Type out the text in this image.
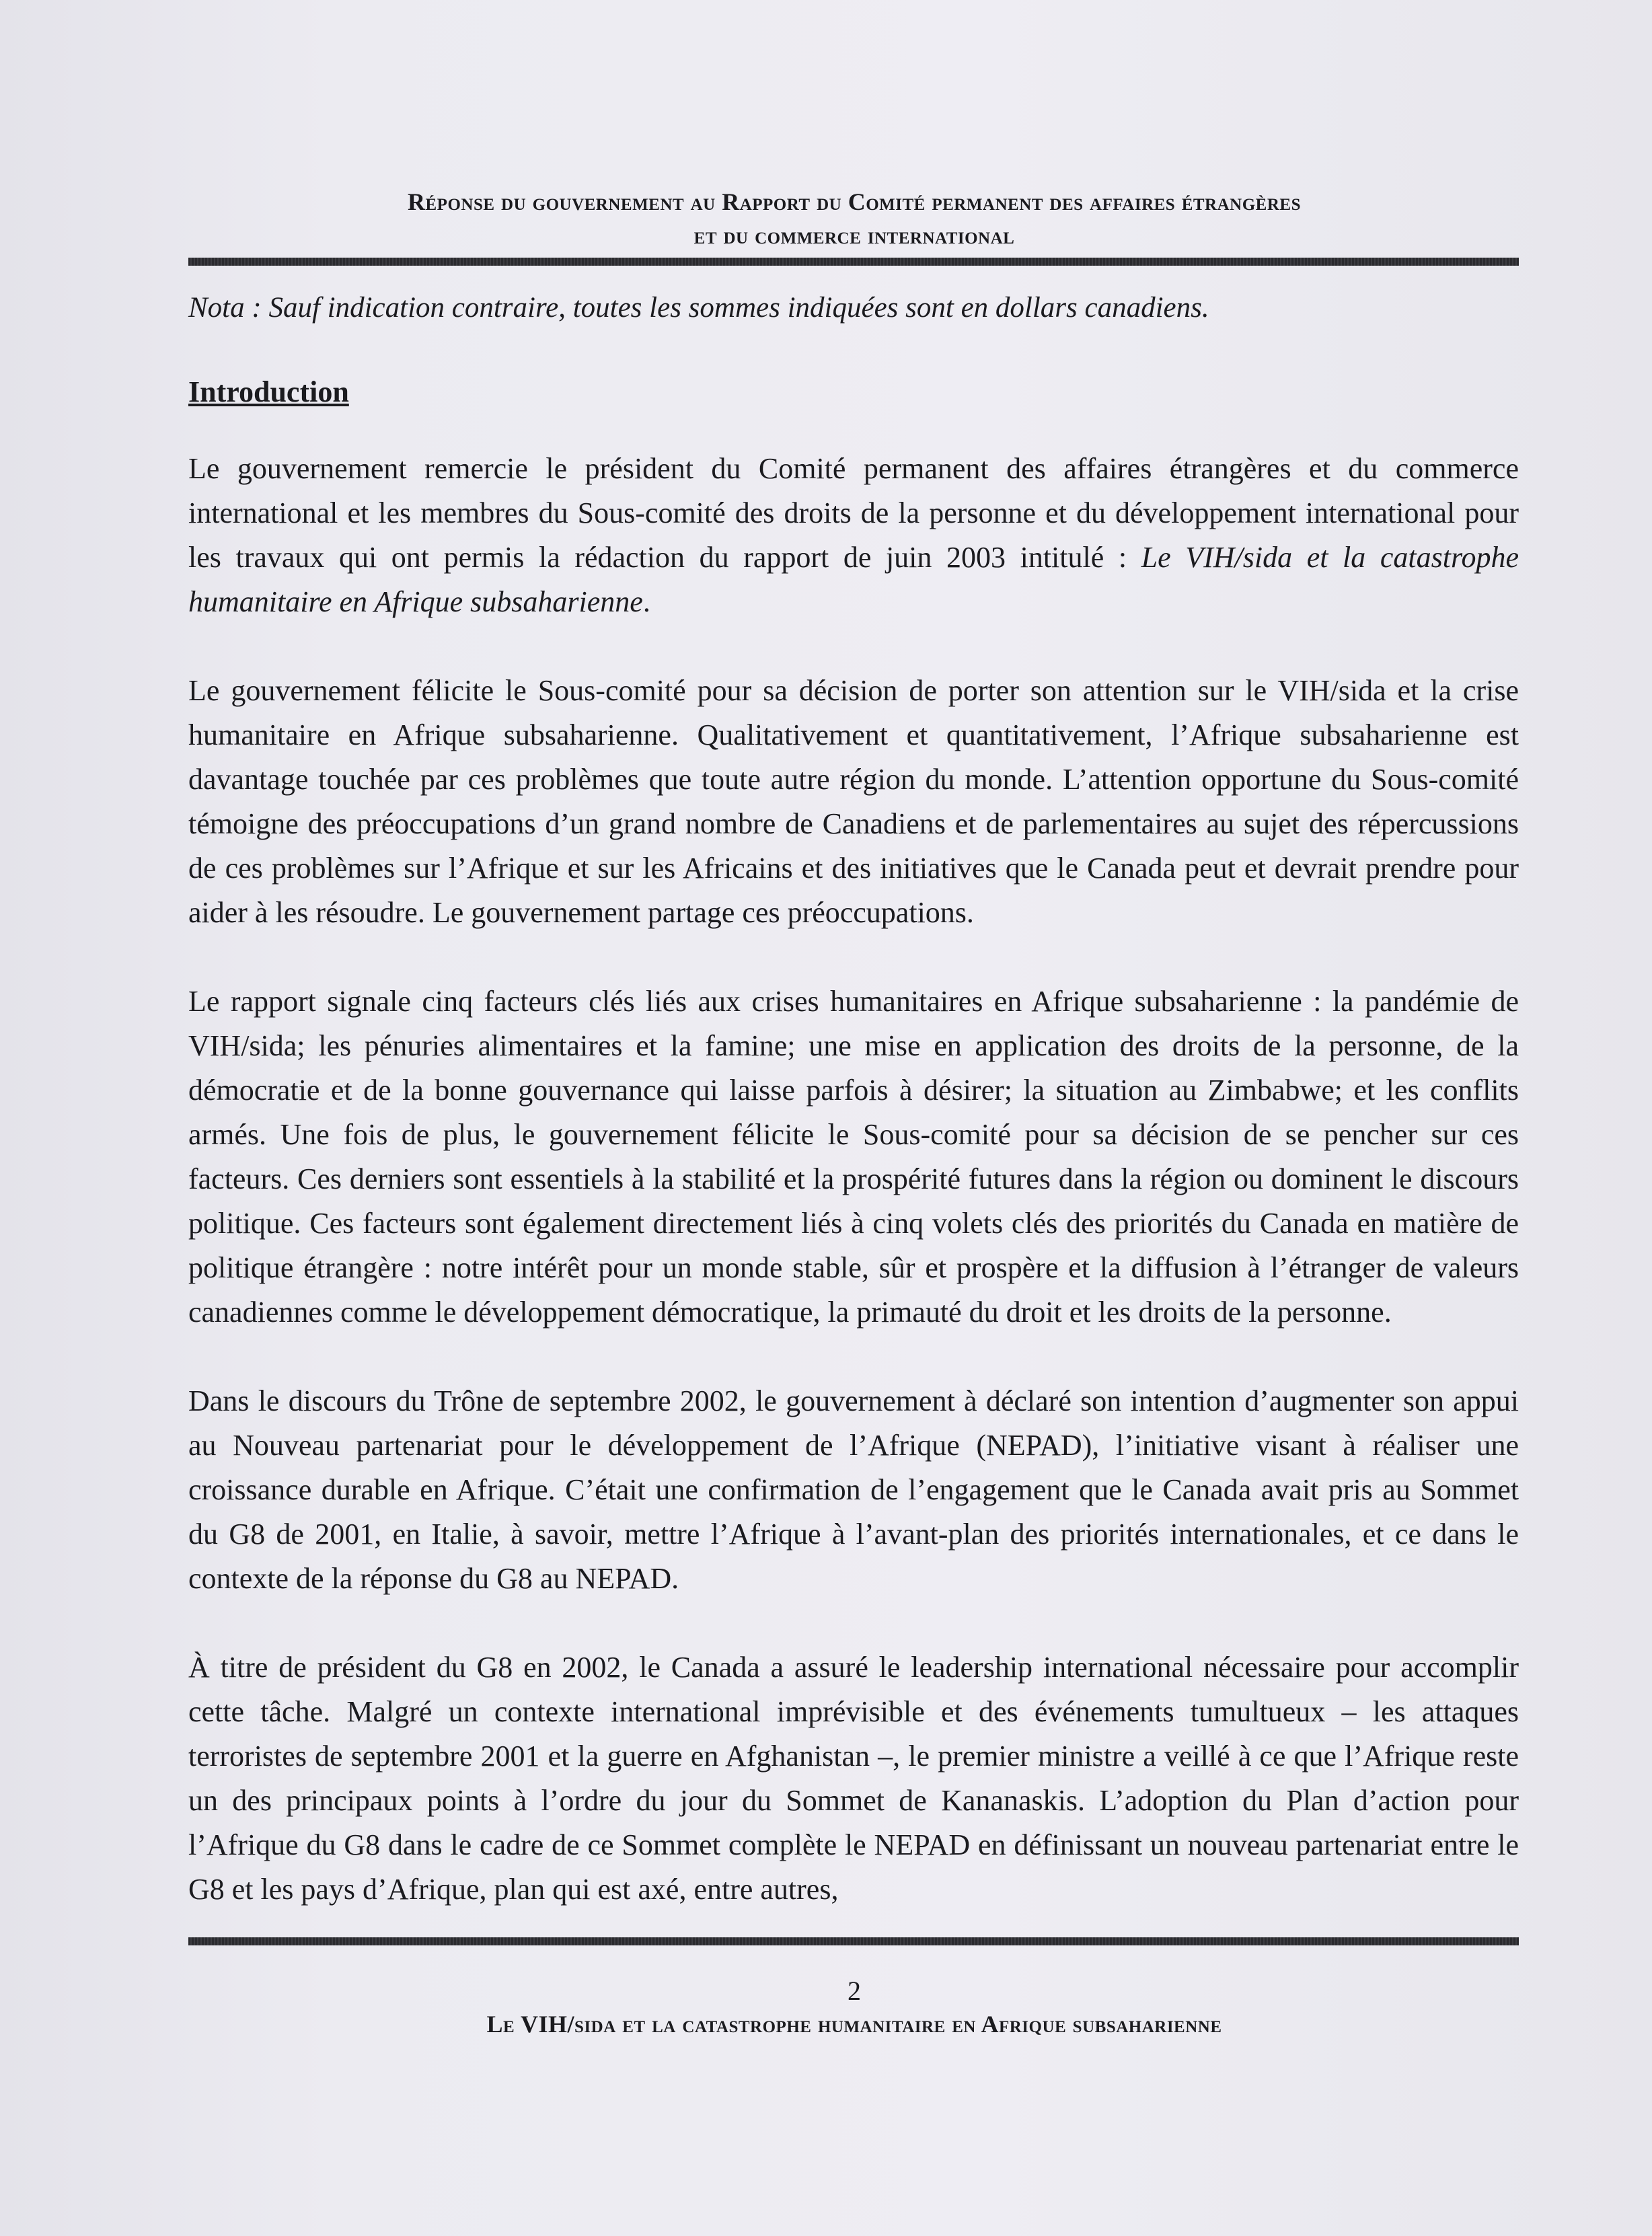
Réponse du gouvernement au Rapport du Comité permanent des affaires étrangères
et du commerce international
Nota : Sauf indication contraire, toutes les sommes indiquées sont en dollars canadiens.
Introduction

Le gouvernement remercie le président du Comité permanent des affaires étrangères et du commerce international et les membres du Sous-comité des droits de la personne et du développement international pour les travaux qui ont permis la rédaction du rapport de juin 2003 intitulé : Le VIH/sida et la catastrophe humanitaire en Afrique subsaharienne.

Le gouvernement félicite le Sous-comité pour sa décision de porter son attention sur le VIH/sida et la crise humanitaire en Afrique subsaharienne. Qualitativement et quantitativement, l’Afrique subsaharienne est davantage touchée par ces problèmes que toute autre région du monde. L’attention opportune du Sous-comité témoigne des préoccupations d’un grand nombre de Canadiens et de parlementaires au sujet des répercussions de ces problèmes sur l’Afrique et sur les Africains et des initiatives que le Canada peut et devrait prendre pour aider à les résoudre. Le gouvernement partage ces préoccupations.

Le rapport signale cinq facteurs clés liés aux crises humanitaires en Afrique subsaharienne : la pandémie de VIH/sida; les pénuries alimentaires et la famine; une mise en application des droits de la personne, de la démocratie et de la bonne gouvernance qui laisse parfois à désirer; la situation au Zimbabwe; et les conflits armés. Une fois de plus, le gouvernement félicite le Sous-comité pour sa décision de se pencher sur ces facteurs. Ces derniers sont essentiels à la stabilité et la prospérité futures dans la région ou dominent le discours politique. Ces facteurs sont également directement liés à cinq volets clés des priorités du Canada en matière de politique étrangère : notre intérêt pour un monde stable, sûr et prospère et la diffusion à l’étranger de valeurs canadiennes comme le développement démocratique, la primauté du droit et les droits de la personne.

Dans le discours du Trône de septembre 2002, le gouvernement à déclaré son intention d’augmenter son appui au Nouveau partenariat pour le développement de l’Afrique (NEPAD), l’initiative visant à réaliser une croissance durable en Afrique. C’était une confirmation de l’engagement que le Canada avait pris au Sommet du G8 de 2001, en Italie, à savoir, mettre l’Afrique à l’avant-plan des priorités internationales, et ce dans le contexte de la réponse du G8 au NEPAD.

À titre de président du G8 en 2002, le Canada a assuré le leadership international nécessaire pour accomplir cette tâche. Malgré un contexte international imprévisible et des événements tumultueux – les attaques terroristes de septembre 2001 et la guerre en Afghanistan –, le premier ministre a veillé à ce que l’Afrique reste un des principaux points à l’ordre du jour du Sommet de Kananaskis. L’adoption du Plan d’action pour l’Afrique du G8 dans le cadre de ce Sommet complète le NEPAD en définissant un nouveau partenariat entre le G8 et les pays d’Afrique, plan qui est axé, entre autres,

2
Le VIH/sida et la catastrophe humanitaire en Afrique subsaharienne
